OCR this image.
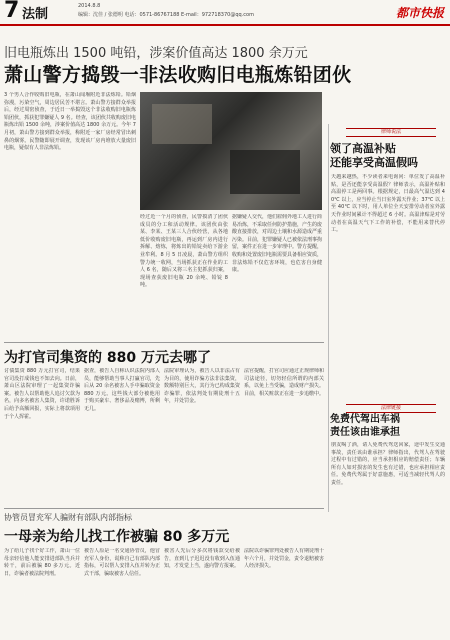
7 法制
2014.8.8
编辑：沈佳 / 张德明 电话：0571-86767188 E-mail：972718370@qq.com	都市快报
旧电瓶炼出 1500 吨铅，涉案价值高达 1800 余万元
萧山警方捣毁一非法收购旧电瓶炼铅团伙
3 个男人合作收购旧电瓶，在萧山闻堰附近非法炼铅。铅烟弥漫，污染空气，周边居民苦不堪言。萧山警方接群众举报后，经过周密侦查，于近日一举捣毁这个非法收购旧电瓶炼铅团伙，抓获犯罪嫌疑人 9 名。经查，该团伙共收购废旧电瓶炼出铅 1500 余吨，涉案价值高达 1800 余万元。今年 7 月初，萧山警方接到群众举报，称附近一家厂房经常冒出刺鼻的烟雾。民警随即展开调查，发现该厂房内堆放大量废旧电瓶，疑似有人非法炼铅。
经过近一个月的侦查，民警摸清了团伙成员的分工和活动规律。该团伙由张某、李某、王某三人合伙经营，从各地低价收购废旧电瓶，再运到厂房内进行拆解、熔炼，将炼出的铅锭卖给下游企业牟利。8 月 5 日凌晨，萧山警方组织警力统一收网，当场抓获正在作业的工人 6 名，随后又将三名主犯抓获归案，现场查获废旧电瓶 20 余吨、铅锭 8 吨。
据嫌疑人交代，他们雇佣外地工人进行简易冶炼，不采取任何防护措施，产生的废酸直接排放，对周边土壤和水源造成严重污染。目前，犯罪嫌疑人已被依法刑事拘留，案件正在进一步审理中。警方提醒，收购和处置废旧电瓶需要具备相应资质，非法炼铅不仅危害环境，也危害自身健康。
律师说法
领了高温补贴
还能享受高温假吗
天越来越热，不少读者来电询问：单位发了高温补贴，是否还能享受高温假？律师表示，高温补贴和高温停工是两回事。根据规定，日最高气温达到 40℃ 以上，应当停止当日室外露天作业；37℃ 以上至 40℃ 以下时，用人单位全天安排劳动者室外露天作业时间累计不得超过 6 小时。高温津贴是对劳动者在高温天气下工作的补偿，不能用来替代停工。
法律链接
免费代驾出车祸
责任该由谁承担
朋友喝了酒，请人免费代驾送回家，途中发生交通事故，责任该由谁承担？律师指出，代驾人在驾驶过程中有过错的，应当承担相应的赔偿责任；车辆所有人如对损害的发生也有过错，也应承担相应责任。免费代驾属于好意施惠，可适当减轻代驾人的责任。
为打官司集资的 880 万元去哪了
讨债集资 880 万元打官司，结果官司没打成钱也不知去向。日前，萧山区法院审理了一起集资诈骗案。被告人以帮助他人追讨欠款为名，向多名被害人集资，许诺胜诉后给予高额回报，实际上将款项用于个人挥霍。
据查，被告人自称认识法院内部人员，能够帮助当事人打赢官司，先后从 20 余名被害人手中骗取资金 880 万元。这些钱大部分被他用于购买豪车、奢侈品及赌博，所剩无几。
法院审理认为，被告人以非法占有为目的，使用诈骗方法非法集资，数额特别巨大，其行为已构成集资诈骗罪，依法判处有期徒刑十五年，并处罚金。
法官提醒，打官司应通过正规律师和司法途径，切勿轻信所谓的内部关系，以免上当受骗，造成财产损失。目前，相关赃款正在进一步追缴中。
协管员冒充军人骗财有部队内部指标
一母亲为给儿找工作被骗 80 多万元
为了给儿子找个好工作，萧山一位母亲轻信他人能安排进部队当兵并转干，前后被骗 80 多万元。近日，诈骗者被法院判刑。
被告人原是一名交通协管员，他冒充军人身份，谎称自己有部队内部指标，可以帮人安排入伍并转为正式干部，骗取被害人信任。
被害人先后分多次将钱款交给被告，直到儿子迟迟没有收到入伍通知，才发觉上当，遂向警方报案。
法院以诈骗罪判处被告人有期徒刑十年六个月，并处罚金，责令退赔被害人经济损失。
